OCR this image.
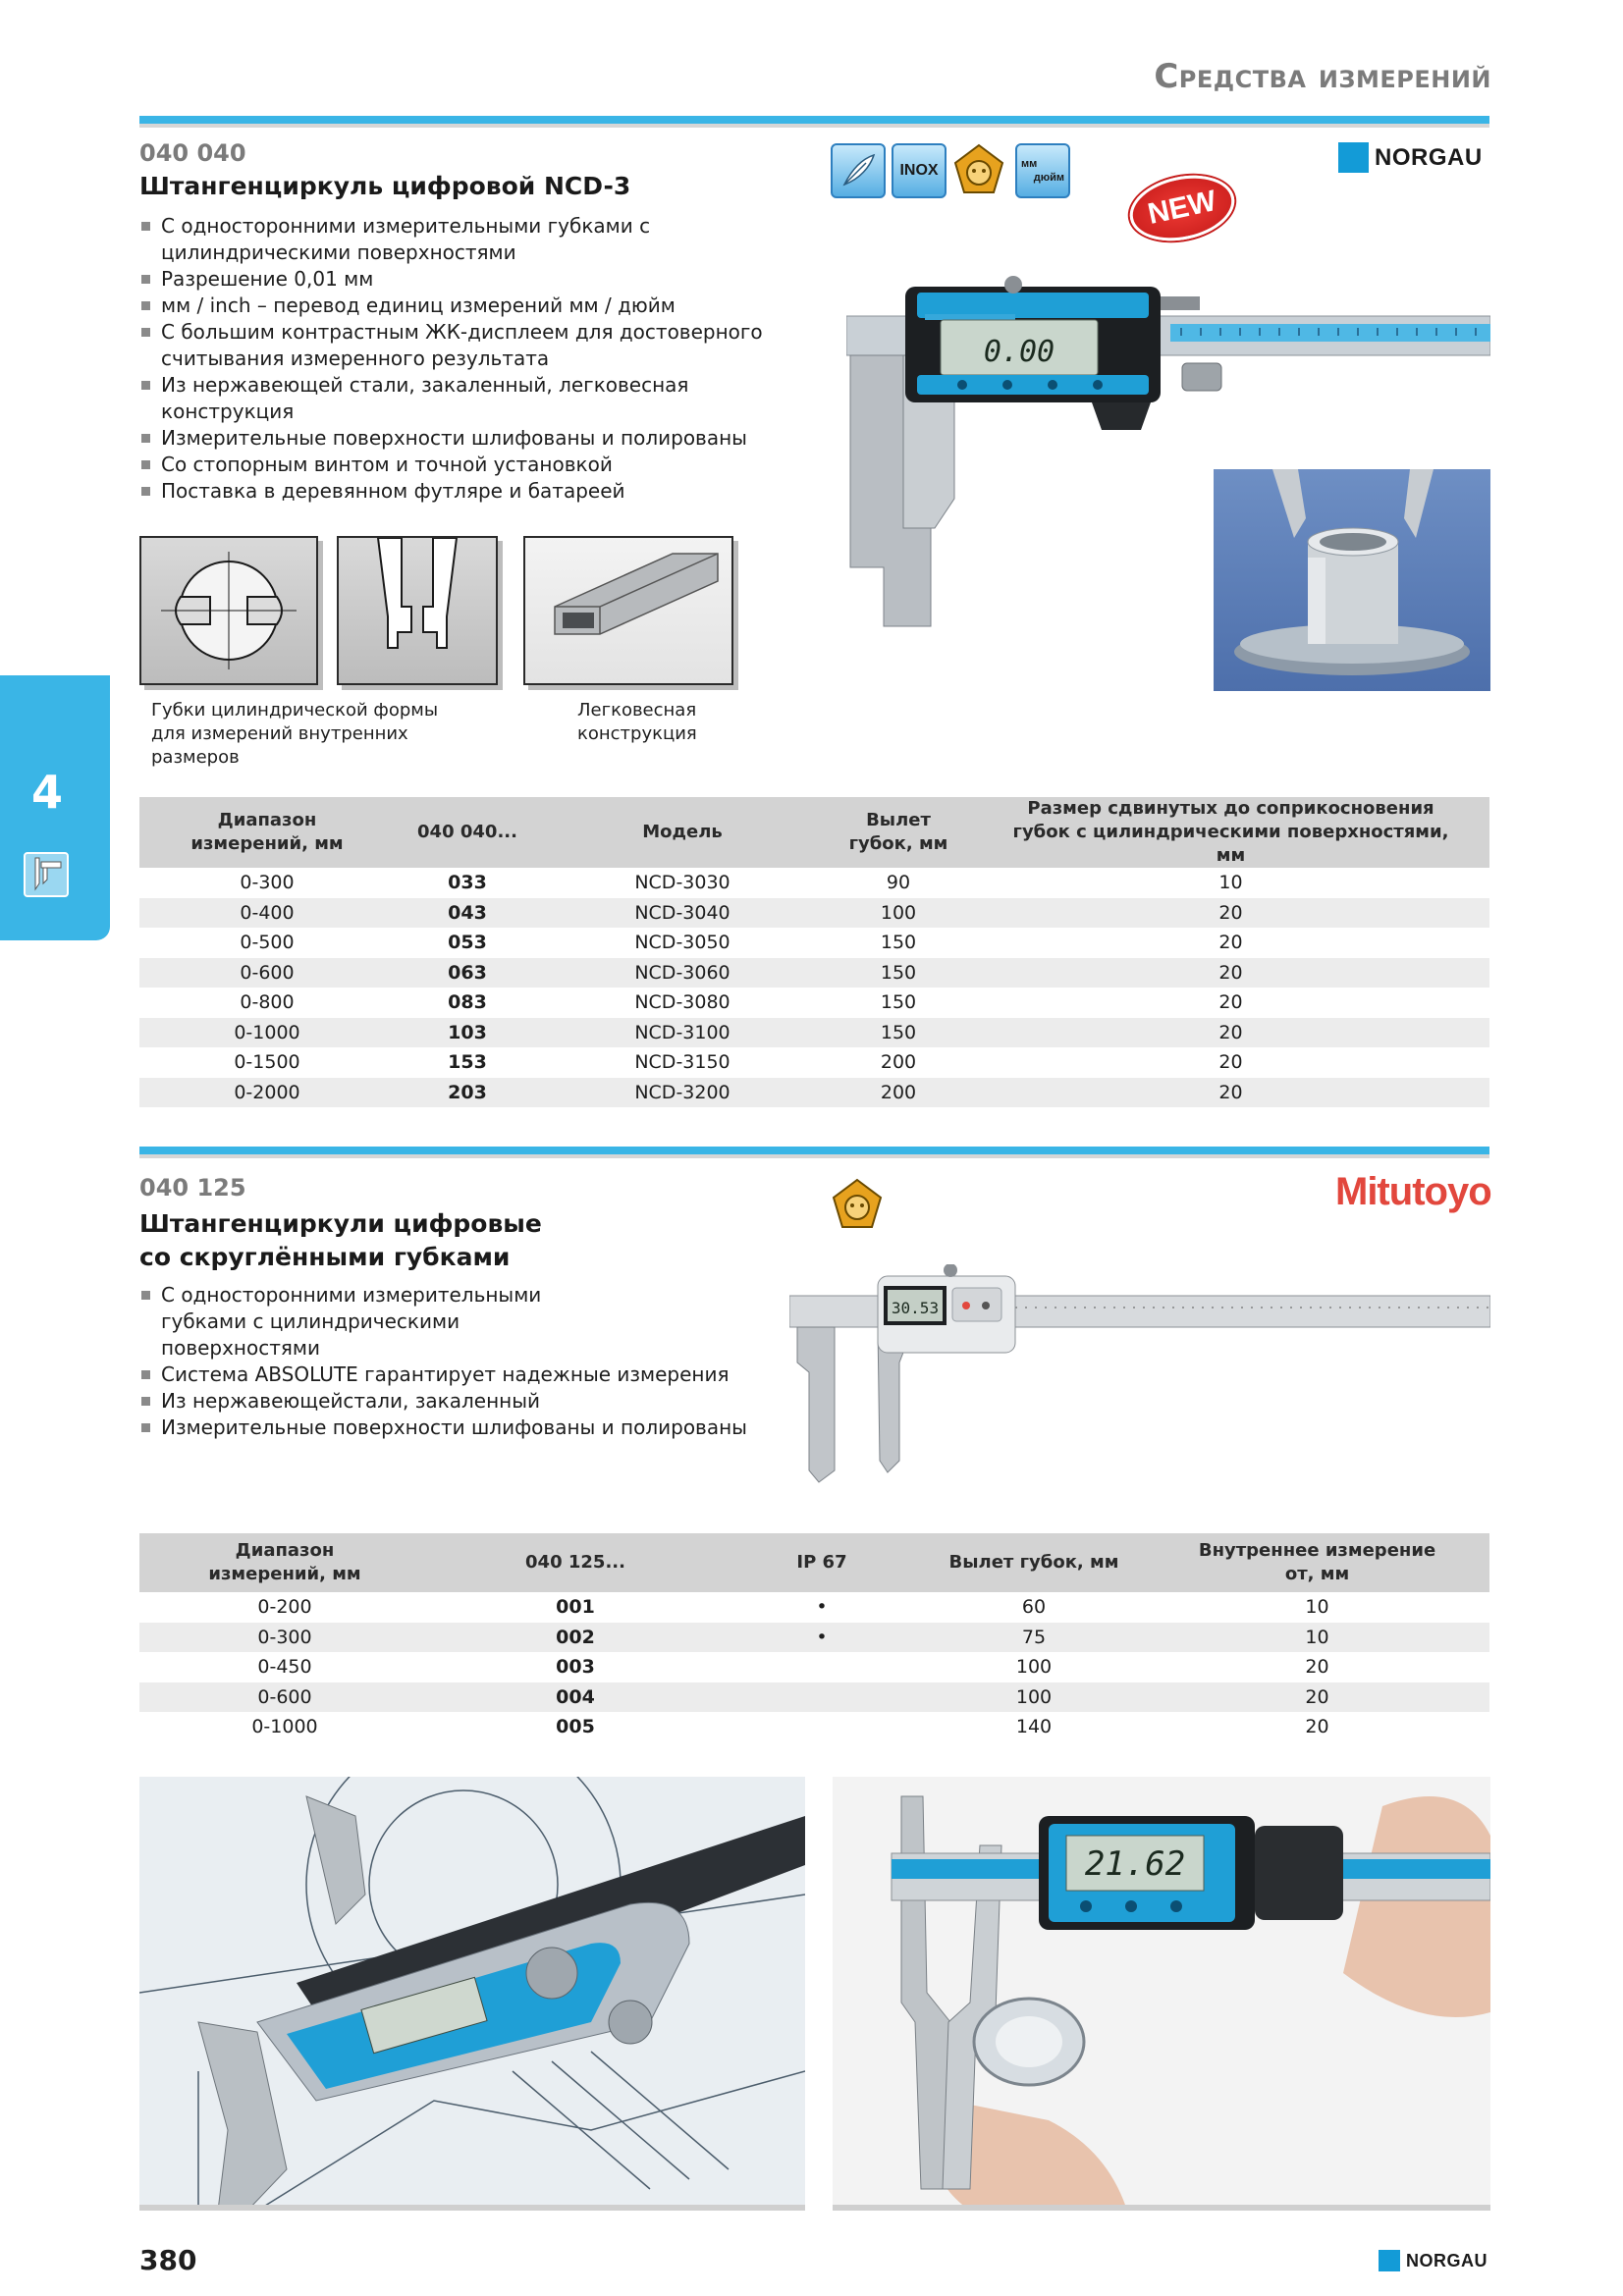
Средства измерений
4
040 040
Штангенциркуль цифровой NCD-3
С односторонними измерительными губками с цилиндрическими поверхностями
Разрешение 0,01 мм
мм / inch – перевод единиц измерений мм / дюйм
С большим контрастным ЖК-дисплеем для достоверного считывания измеренного результата
Из нержавеющей стали, закаленный, легковесная конструкция
Измерительные поверхности шлифованы и полированы
Со стопорным винтом и точной установкой
Поставка в деревянном футляре и батареей
INOX	мм
дюйм
NEW
NORGAU
0.00
Губки цилиндрической формы для измерений внутренних размеров
Легковесная конструкция
Диапазон измерений, мм	040 040...	Модель	Вылет губок, мм	Размер сдвинутых до соприкосновения губок с цилиндрическими поверхностями, мм
0-300	033	NCD-3030	90	10
0-400	043	NCD-3040	100	20
0-500	053	NCD-3050	150	20
0-600	063	NCD-3060	150	20
0-800	083	NCD-3080	150	20
0-1000	103	NCD-3100	150	20
0-1500	153	NCD-3150	200	20
0-2000	203	NCD-3200	200	20
040 125
Штангенциркули цифровые
со скруглёнными губками
С односторонними измерительными губками с цилиндрическими поверхностями
Система ABSOLUTE гарантирует надежные измерения
Из нержавеющейстали, закаленный
Измерительные поверхности шлифованы и полированы
Mitutoyo
30.53
Диапазон измерений, мм	040 125...	IP 67	Вылет губок, мм	Внутреннее измерение от, мм
0-200	001	•	60	10
0-300	002	•	75	10
0-450	003		100	20
0-600	004		100	20
0-1000	005		140	20
21.62
380	NORGAU
